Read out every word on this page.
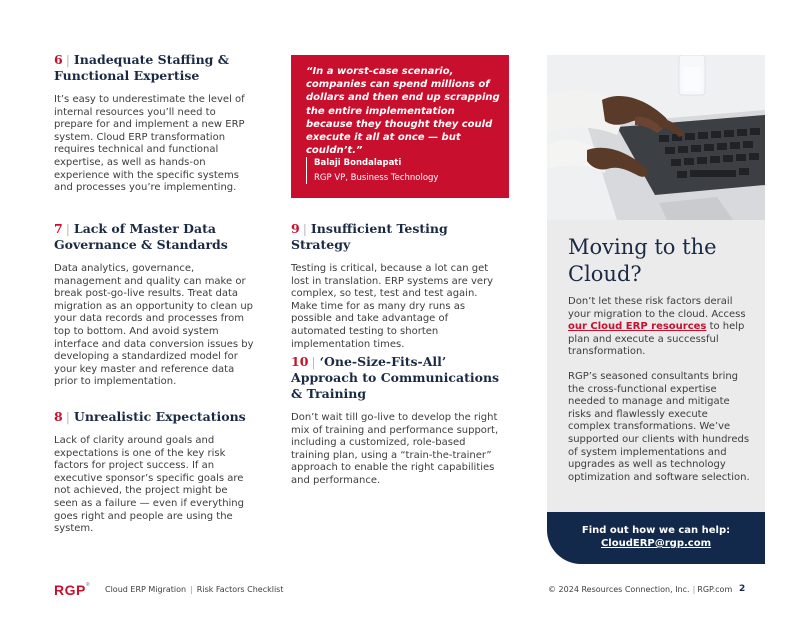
6 | Inadequate Staffing & Functional Expertise

It’s easy to underestimate the level of internal resources you’ll need to prepare for and implement a new ERP system. Cloud ERP transformation requires technical and functional expertise, as well as hands-on experience with the specific systems and processes you’re implementing.

7 | Lack of Master Data Governance & Standards

Data analytics, governance, management and quality can make or break post-go-live results. Treat data migration as an opportunity to clean up your data records and processes from top to bottom. And avoid system interface and data conversion issues by developing a standardized model for your key master and reference data prior to implementation.

8 | Unrealistic Expectations

Lack of clarity around goals and expectations is one of the key risk factors for project success. If an executive sponsor’s specific goals are not achieved, the project might be seen as a failure — even if everything goes right and people are using the system.

“In a worst-case scenario, companies can spend millions of dollars and then end up scrapping the entire implementation because they thought they could execute it all at once — but couldn’t.”

Balaji Bondalapati
RGP VP, Business Technology
9 | Insufficient Testing Strategy

Testing is critical, because a lot can get lost in translation. ERP systems are very complex, so test, test and test again. Make time for as many dry runs as possible and take advantage of automated testing to shorten implementation times.

10 | ‘One-Size-Fits-All’ Approach to Communications & Training

Don’t wait till go-live to develop the right mix of training and performance support, including a customized, role-based training plan, using a “train-the-trainer” approach to enable the right capabilities and performance.

Moving to the Cloud?

Don’t let these risk factors derail your migration to the cloud. Access our Cloud ERP resources to help plan and execute a successful transformation.

RGP’s seasoned consultants bring the cross-functional expertise needed to manage and mitigate risks and flawlessly execute complex transformations. We’ve supported our clients with hundreds of system implementations and upgrades as well as technology optimization and software selection.

Find out how we can help:
CloudERP@rgp.com
RGP® Cloud ERP Migration | Risk Factors Checklist	© 2024 Resources Connection, Inc. | RGP.com 2
